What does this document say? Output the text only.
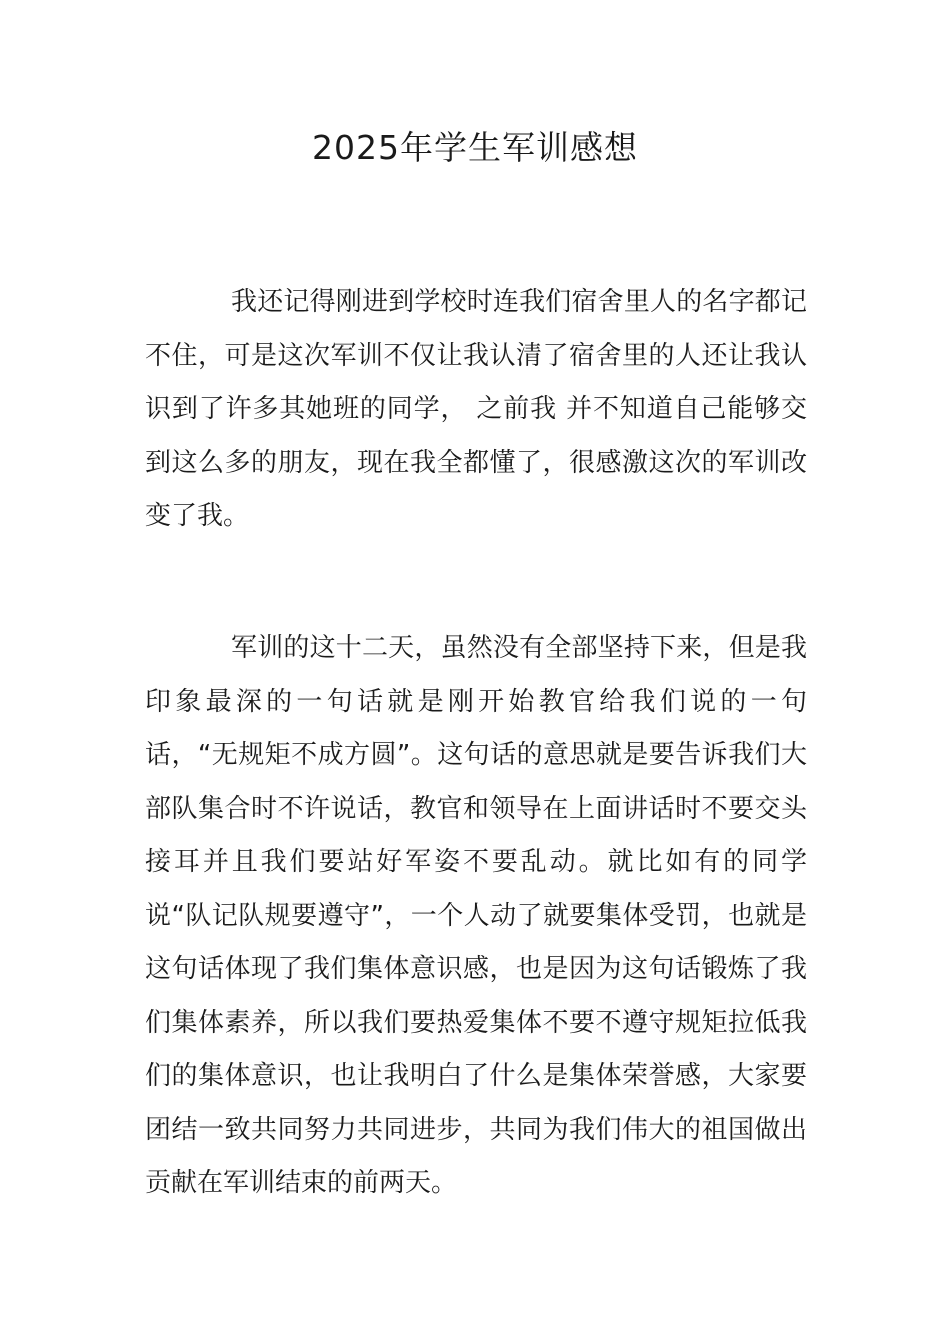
2025年学生军训感想

我还记得刚进到学校时连我们宿舍里人的名字都记不住，可是这次军训不仅让我认清了宿舍里的人还让我认识到了许多其她班的同学， 之前我 并不知道自己能够交到这么多的朋友，现在我全都懂了，很感激这次的军训改变了我。

军训的这十二天，虽然没有全部坚持下来，但是我印象最深的一句话就是刚开始教官给我们说的一句话，“无规矩不成方圆”。这句话的意思就是要告诉我们大部队集合时不许说话，教官和领导在上面讲话时不要交头接耳并且我们要站好军姿不要乱动。就比如有的同学说“队记队规要遵守”，一个人动了就要集体受罚，也就是这句话体现了我们集体意识感，也是因为这句话锻炼了我们集体素养，所以我们要热爱集体不要不遵守规矩拉低我们的集体意识，也让我明白了什么是集体荣誉感，大家要团结一致共同努力共同进步，共同为我们伟大的祖国做出贡献在军训结束的前两天。
